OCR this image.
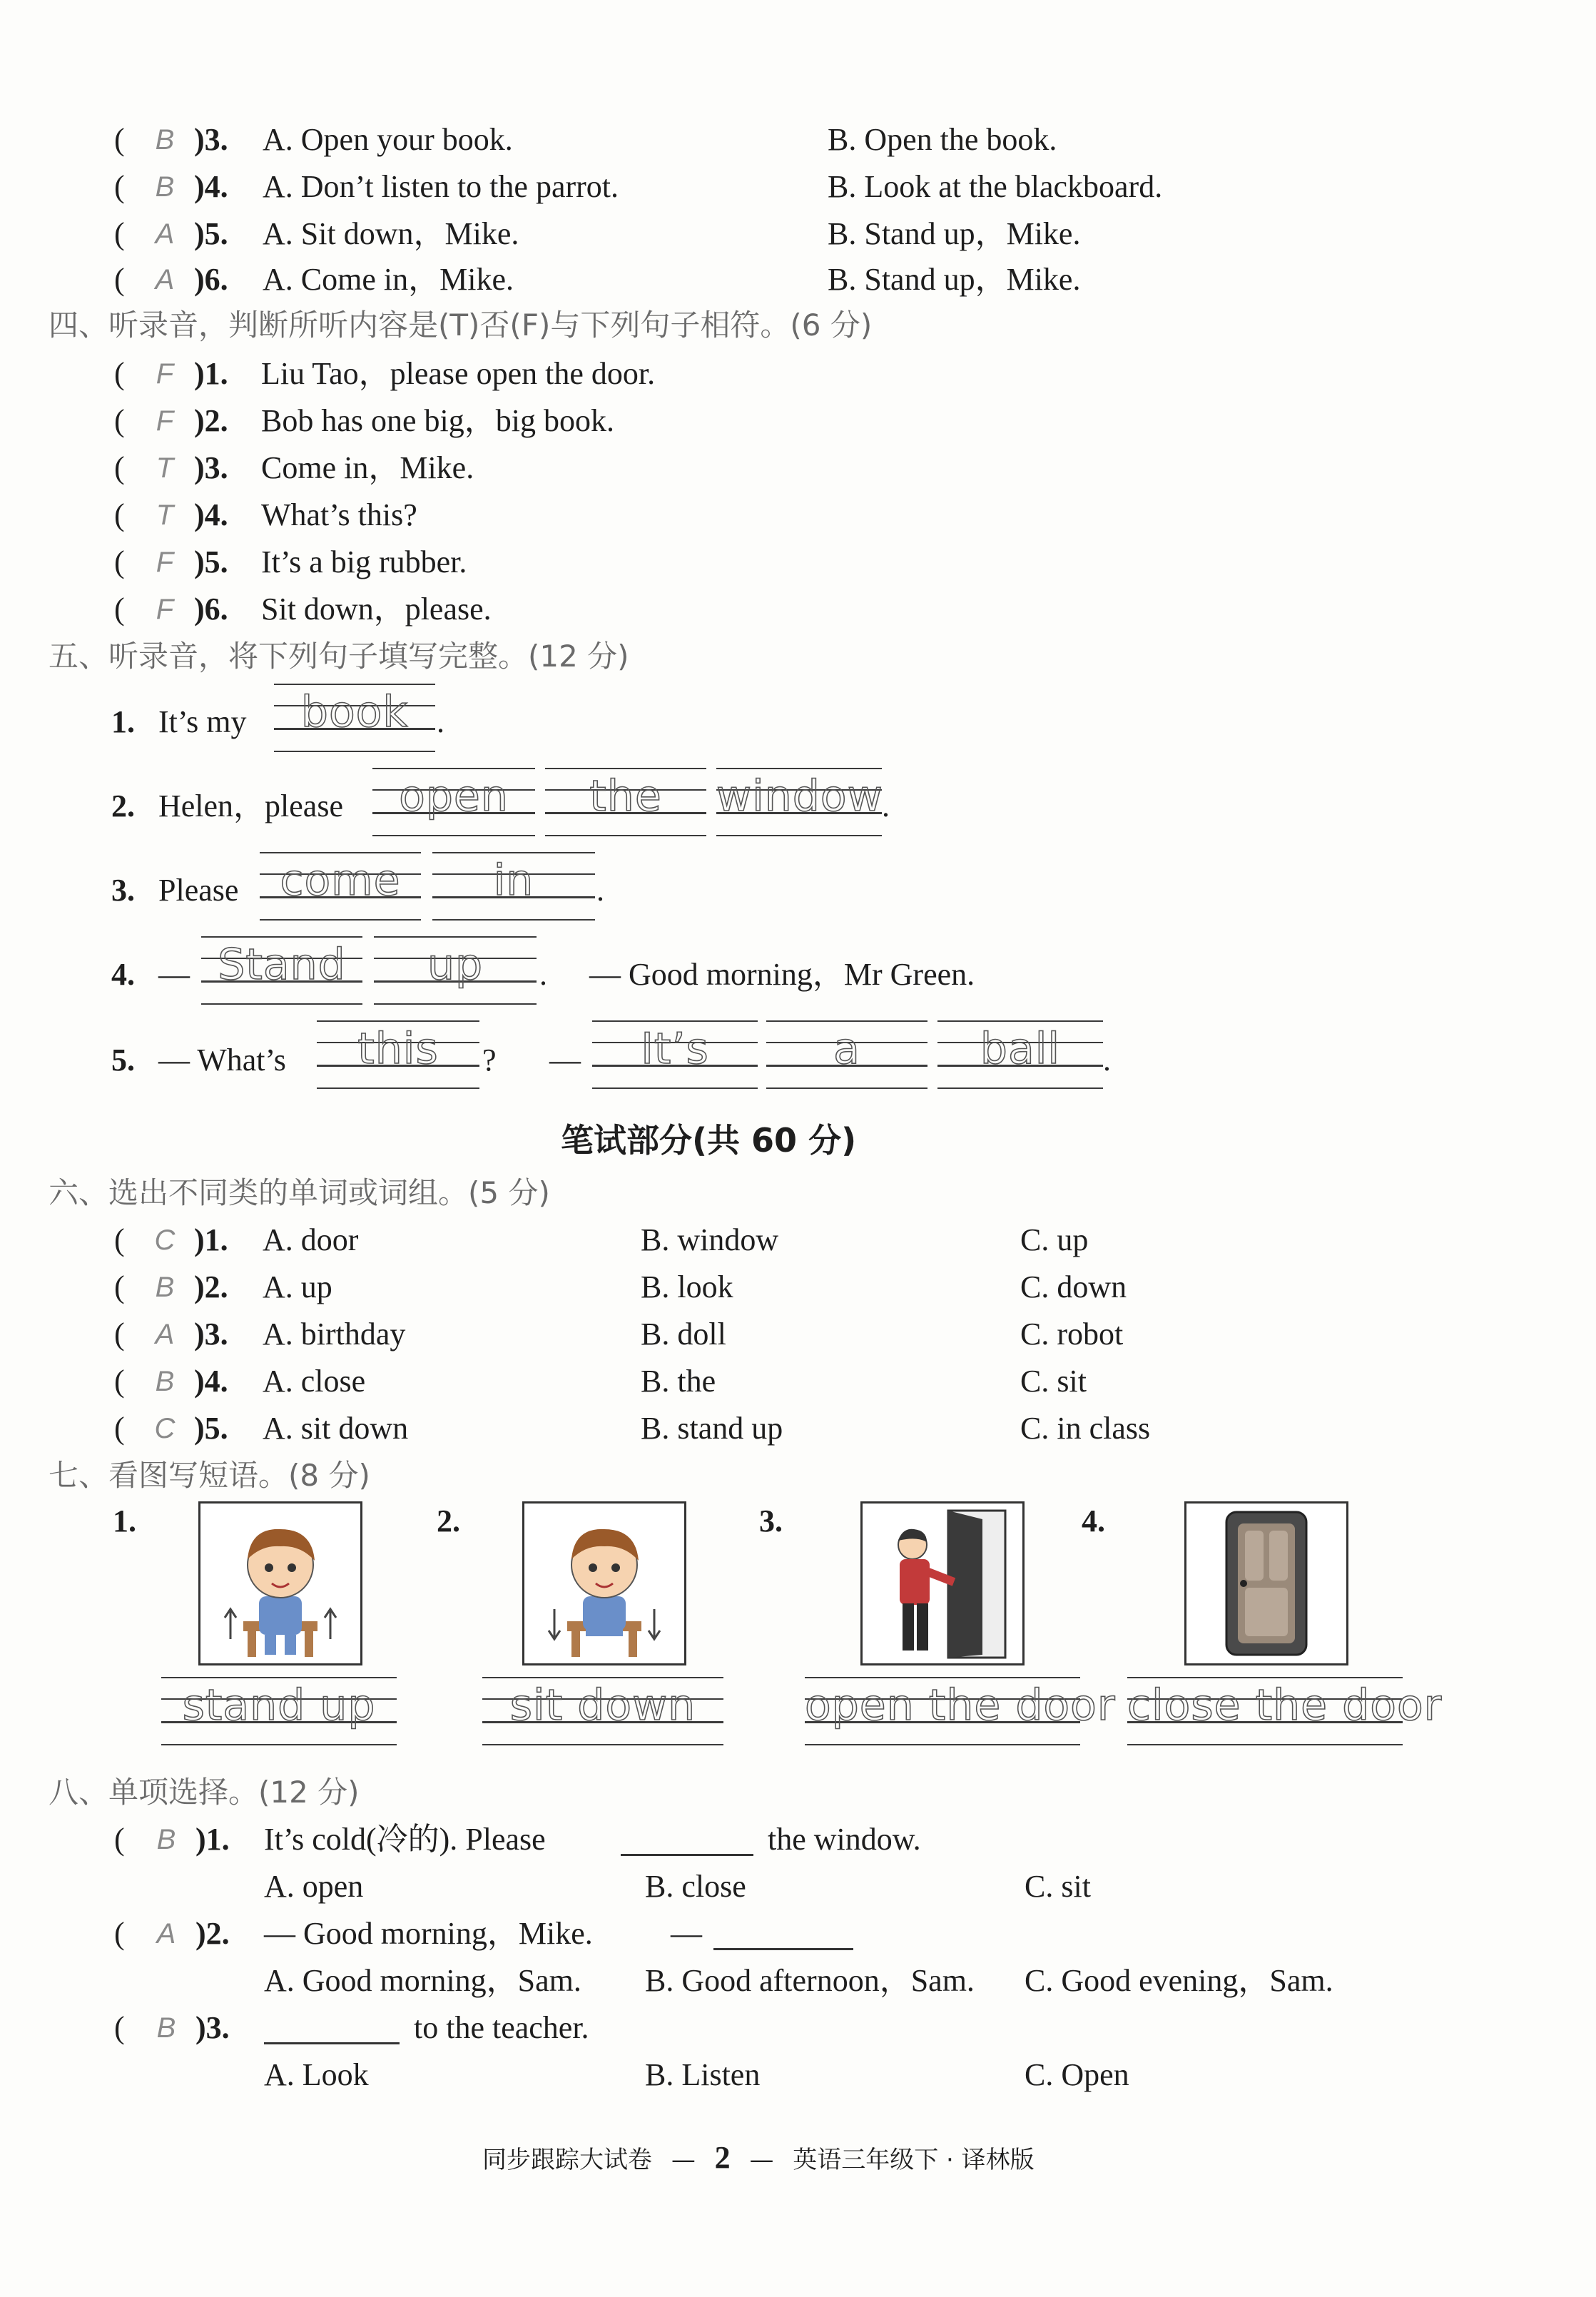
( B )3. A. Open your book.	B. Open the book.
( B )4. A. Don’t listen to the parrot.	B. Look at the blackboard.
( A )5. A. Sit down，Mike.	B. Stand up，Mike.
( A )6. A. Come in，Mike.	B. Stand up，Mike.
四、听录音，判断所听内容是(T)否(F)与下列句子相符。(6 分)
( F )1. Liu Tao，please open the door.
( F )2. Bob has one big，big book.
( T )3. Come in，Mike.
( T )4. What’s this?
( F )5. It’s a big rubber.
( F )6. Sit down，please.
五、听录音，将下列句子填写完整。(12 分)
1. It’s my	book .
2. Helen，please	open	the	window
.
3. Please come	in	.
4. — Stand	up	. — Good morning，Mr Green.
5. — What’s	this	? —	It’s	a	ball	.
笔试部分(共 60 分)
六、选出不同类的单词或词组。(5 分)
( C )1. A. door	B. window	C. up
( B )2. A. up	B. look	C. down
( A )3. A. birthday	B. doll	C. robot
( B )4. A. close	B. the	C. sit
( C )5. A. sit down	B. stand up	C. in class
七、看图写短语。(8 分)
1.
stand up
2.
sit down
3.
open the door
4.
close the door
八、单项选择。(12 分)
( B )1. It’s cold(冷的). Please	the window.
A. open	B. close	C. sit
( A )2. — Good morning，Mike. —
A. Good morning，Sam. B. Good afternoon，Sam. C. Good evening，Sam.
( B )3.	to the teacher.
A. Look	B. Listen	C. Open
同步跟踪大试卷 — 2 — 英语三年级下 · 译林版
